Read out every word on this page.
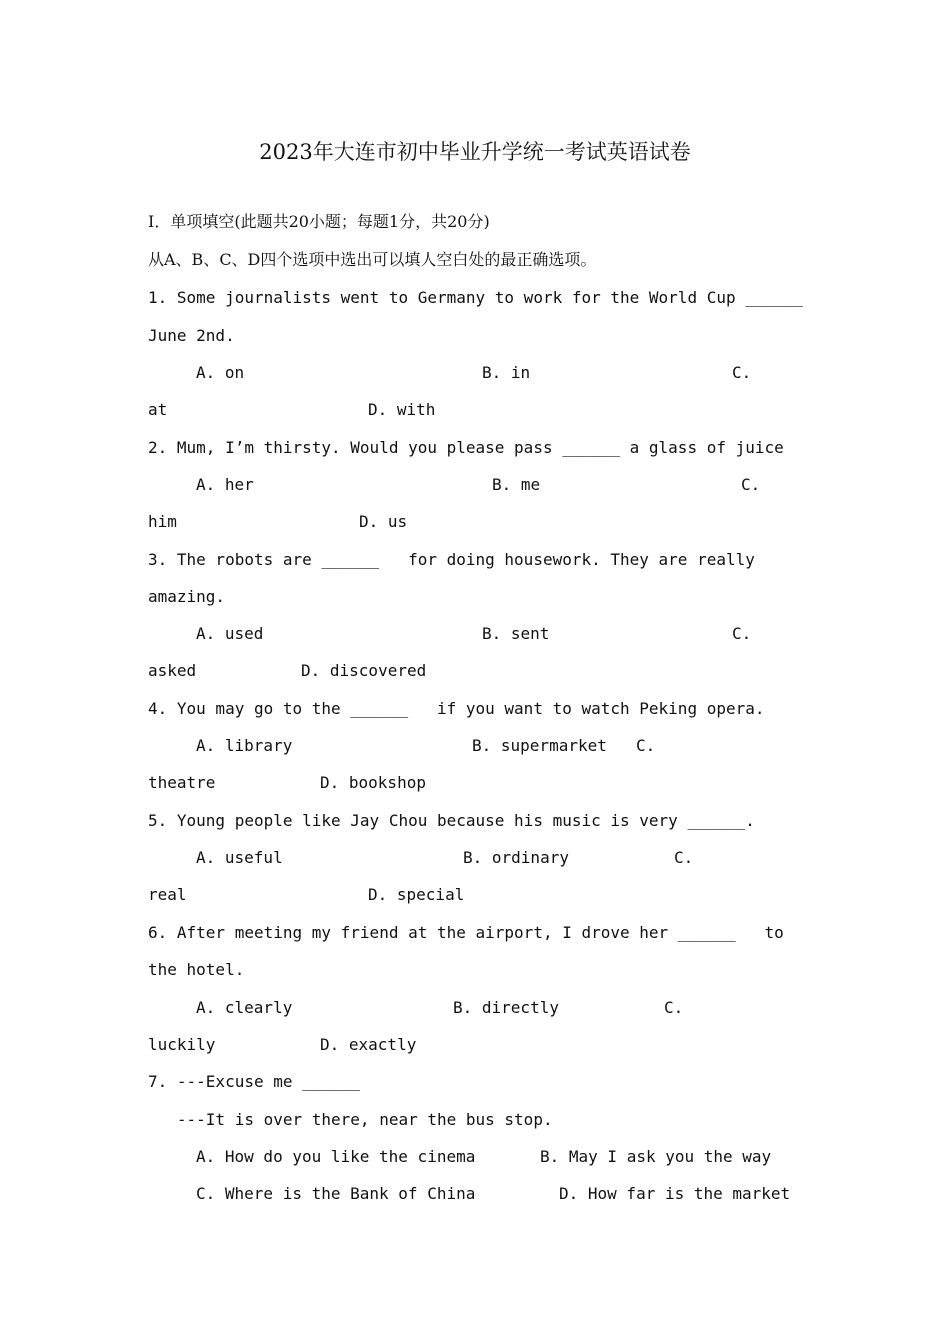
2023年大连市初中毕业升学统一考试英语试卷
I．单项填空(此题共20小题；每题1分，共20分)
从A、B、C、D四个选项中选出可以填人空白处的最正确选项。
1. Some journalists went to Germany to work for the World Cup ______
June 2nd.
A. on	B. in	C.
at	D. with
2. Mum, I’m thirsty. Would you please pass ______ a glass of juice
A. her	B. me	C.
him	D. us
3. The robots are ______   for doing housework. They are really
amazing.
A. used	B. sent	C.
asked	D. discovered
4. You may go to the ______   if you want to watch Peking opera.
A. library	B. supermarket C.
theatre	D. bookshop
5. Young people like Jay Chou because his music is very ______.
A. useful	B. ordinary	C.
real	D. special
6. After meeting my friend at the airport, I drove her ______   to
the hotel.
A. clearly	B. directly	C.
luckily	D. exactly
7. ---Excuse me ______
---It is over there, near the bus stop.
A. How do you like the cinema	B. May I ask you the way
C. Where is the Bank of China	D. How far is the market
